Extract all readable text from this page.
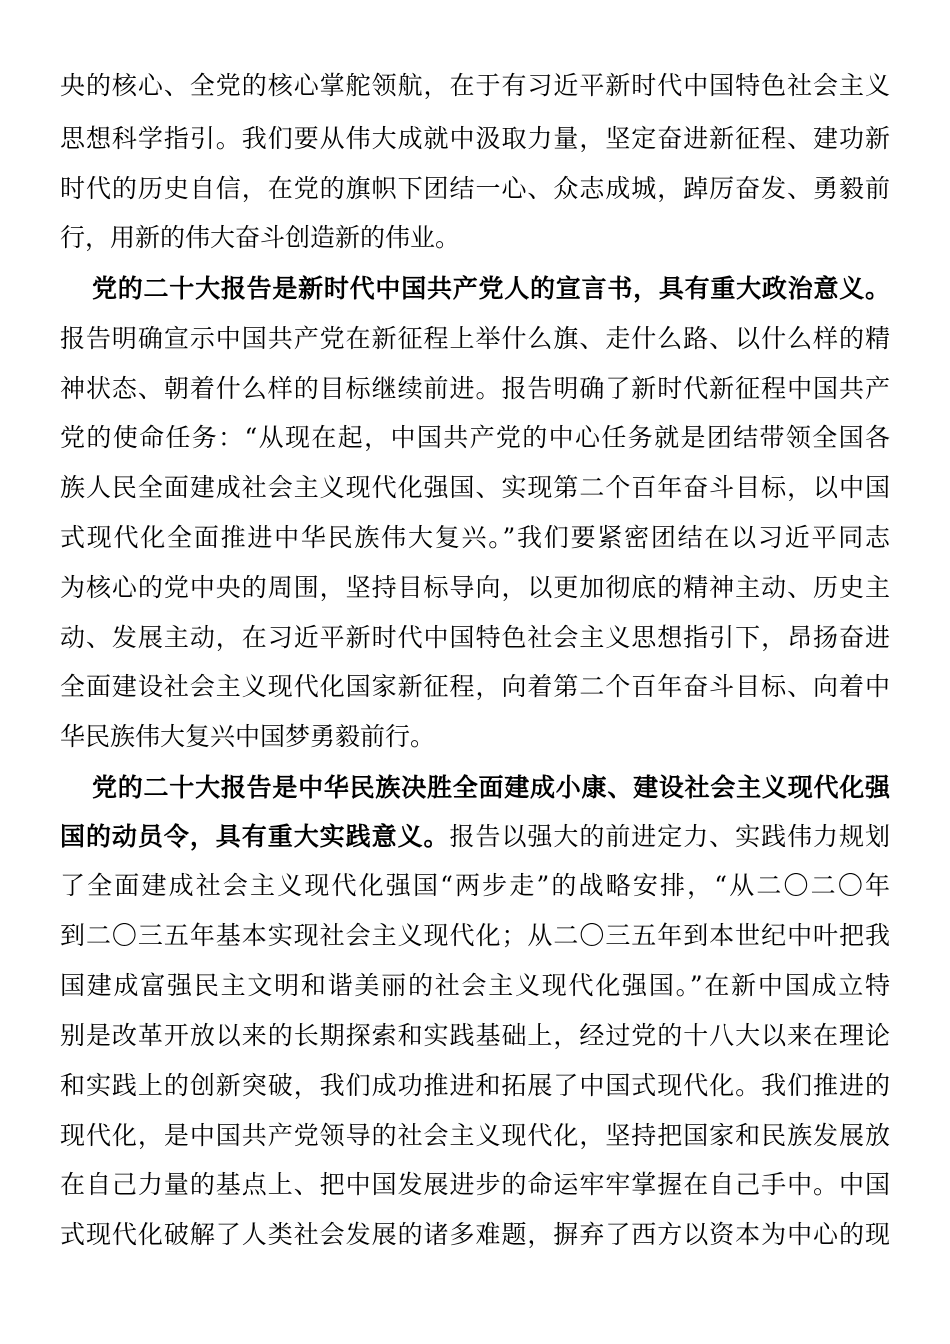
央的核心、全党的核心掌舵领航，在于有习近平新时代中国特色社会主义
思想科学指引。我们要从伟大成就中汲取力量，坚定奋进新征程、建功新
时代的历史自信，在党的旗帜下团结一心、众志成城，踔厉奋发、勇毅前
行，用新的伟大奋斗创造新的伟业。
党的二十大报告是新时代中国共产党人的宣言书，具有重大政治意义。
报告明确宣示中国共产党在新征程上举什么旗、走什么路、以什么样的精
神状态、朝着什么样的目标继续前进。报告明确了新时代新征程中国共产
党的使命任务：“从现在起，中国共产党的中心任务就是团结带领全国各
族人民全面建成社会主义现代化强国、实现第二个百年奋斗目标，以中国
式现代化全面推进中华民族伟大复兴。”我们要紧密团结在以习近平同志
为核心的党中央的周围，坚持目标导向，以更加彻底的精神主动、历史主
动、发展主动，在习近平新时代中国特色社会主义思想指引下，昂扬奋进
全面建设社会主义现代化国家新征程，向着第二个百年奋斗目标、向着中
华民族伟大复兴中国梦勇毅前行。
党的二十大报告是中华民族决胜全面建成小康、建设社会主义现代化强
国的动员令，具有重大实践意义。报告以强大的前进定力、实践伟力规划
了全面建成社会主义现代化强国“两步走”的战略安排，“从二〇二〇年
到二〇三五年基本实现社会主义现代化；从二〇三五年到本世纪中叶把我
国建成富强民主文明和谐美丽的社会主义现代化强国。”在新中国成立特
别是改革开放以来的长期探索和实践基础上，经过党的十八大以来在理论
和实践上的创新突破，我们成功推进和拓展了中国式现代化。我们推进的
现代化，是中国共产党领导的社会主义现代化，坚持把国家和民族发展放
在自己力量的基点上、把中国发展进步的命运牢牢掌握在自己手中。中国
式现代化破解了人类社会发展的诸多难题，摒弃了西方以资本为中心的现
